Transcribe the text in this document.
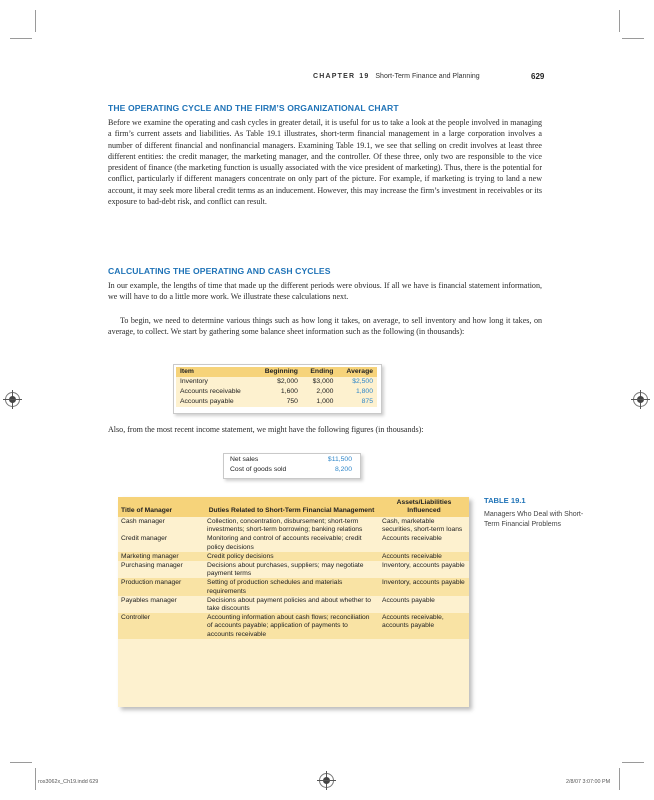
CHAPTER 19 Short-Term Finance and Planning	629
THE OPERATING CYCLE AND THE FIRM’S ORGANIZATIONAL CHART

Before we examine the operating and cash cycles in greater detail, it is useful for us to take a look at the people involved in managing a firm’s current assets and liabilities. As Table 19.1 illustrates, short-term financial management in a large corporation involves a number of different financial and nonfinancial managers. Examining Table 19.1, we see that selling on credit involves at least three different entities: the credit manager, the marketing manager, and the controller. Of these three, only two are responsible to the vice president of finance (the marketing function is usually associated with the vice president of marketing). Thus, there is the potential for conflict, particularly if different managers concentrate on only part of the picture. For example, if marketing is trying to land a new account, it may seek more liberal credit terms as an inducement. However, this may increase the firm’s investment in receivables or its exposure to bad-debt risk, and conflict can result.

CALCULATING THE OPERATING AND CASH CYCLES

In our example, the lengths of time that made up the different periods were obvious. If all we have is financial statement information, we will have to do a little more work. We illustrate these calculations next.

To begin, we need to determine various things such as how long it takes, on average, to sell inventory and how long it takes, on average, to collect. We start by gathering some balance sheet information such as the following (in thousands):

Item	Beginning	Ending	Average
Inventory	$2,000	$3,000	$2,500
Accounts receivable	1,600	2,000	1,800
Accounts payable	750	1,000	875

Also, from the most recent income statement, we might have the following figures (in thousands):

Net sales	$11,500
Cost of goods sold	8,200
Title of Manager	Duties Related to Short-Term Financial Management	Assets/Liabilities Influenced
Cash manager	Collection, concentration, disbursement; short-term investments; short-term borrowing; banking relations	Cash, marketable securities, short-term loans
Credit manager	Monitoring and control of accounts receivable; credit policy decisions	Accounts receivable
Marketing manager	Credit policy decisions	Accounts receivable
Purchasing manager	Decisions about purchases, suppliers; may negotiate payment terms	Inventory, accounts payable
Production manager	Setting of production schedules and materials requirements	Inventory, accounts payable
Payables manager	Decisions about payment policies and about whether to take discounts	Accounts payable
Controller	Accounting information about cash flows; reconciliation of accounts payable; application of payments to accounts receivable	Accounts receivable, accounts payable
TABLE 19.1
Managers Who Deal with Short-Term Financial Problems
ros3062x_Ch19.indd 629	2/8/07 3:07:00 PM
